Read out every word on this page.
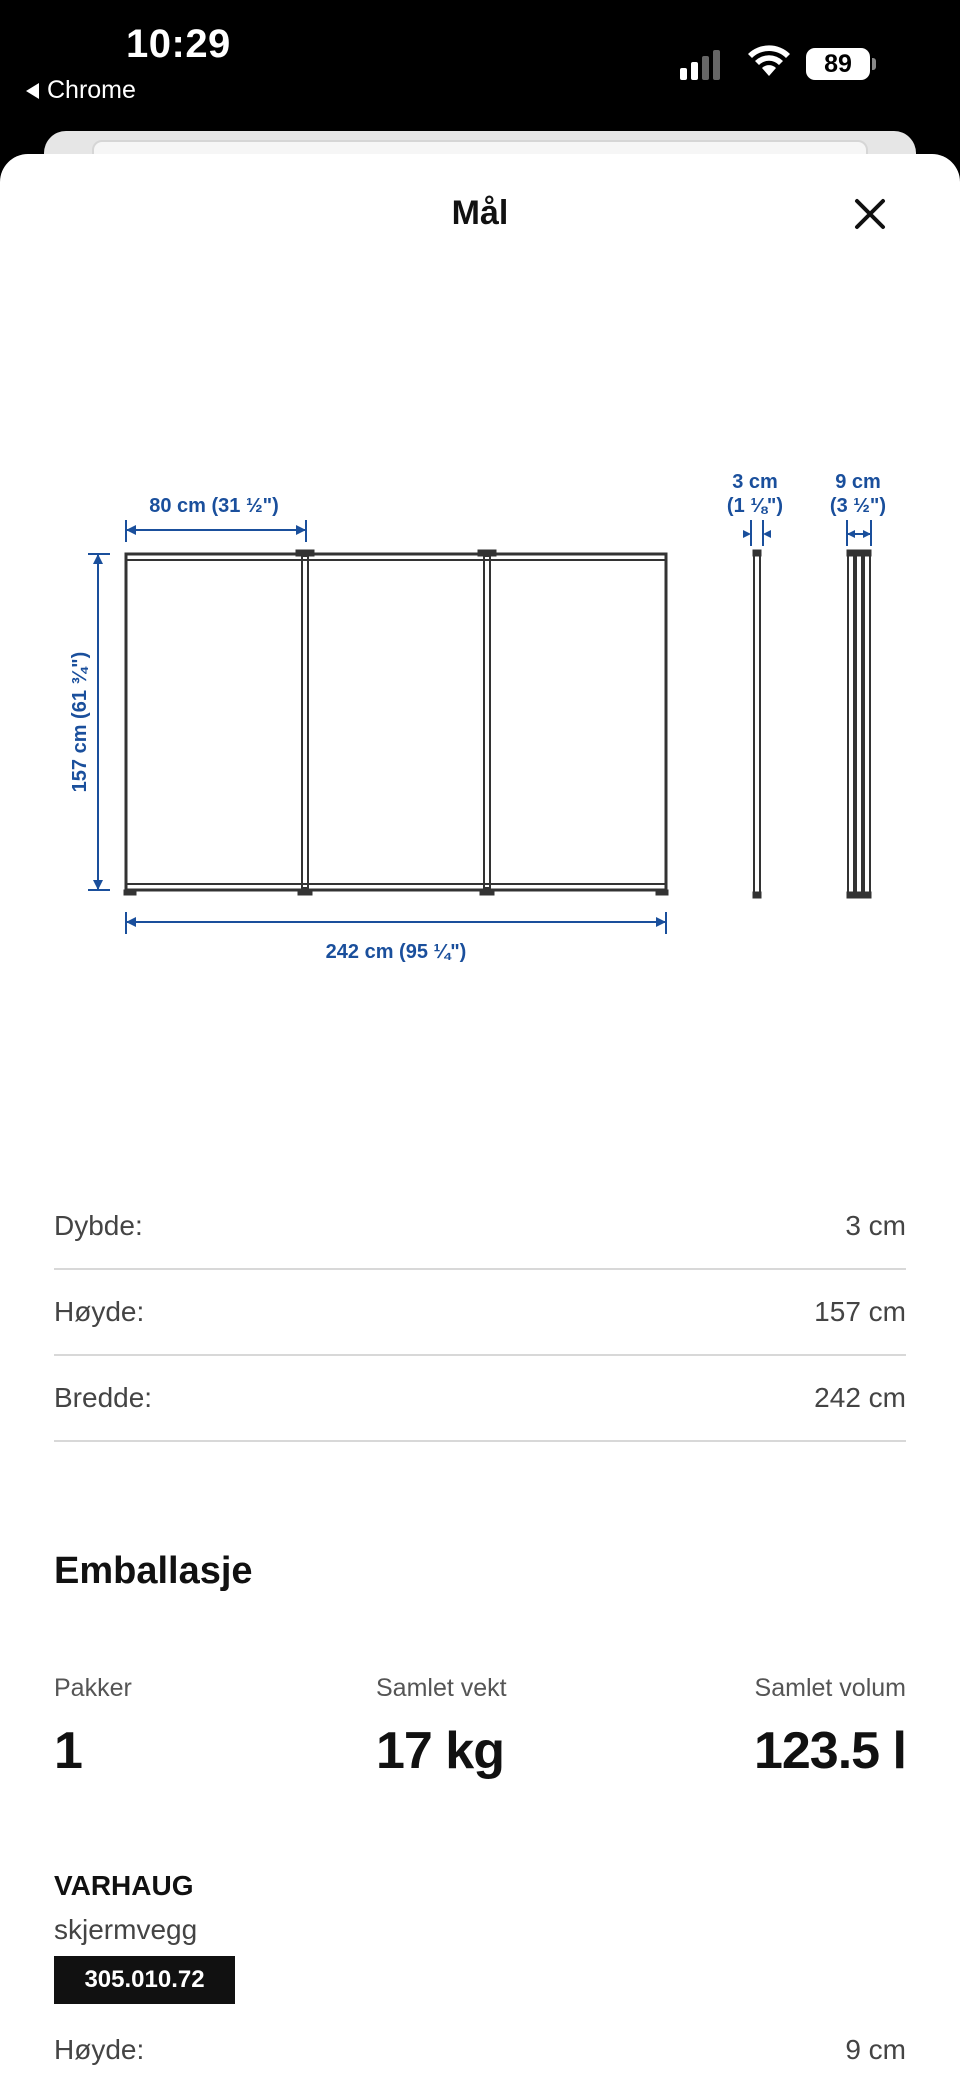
10:29
Chrome
89
Mål
80 cm (31 ½")
157 cm (61 ¾")
242 cm (95 ¼")
3 cm
(1 ⅛")
9 cm
(3 ½")
Dybde:	3 cm
Høyde:	157 cm
Bredde:	242 cm
Emballasje
Pakker
1
Samlet vekt
17 kg
Samlet volum
123.5 l
VARHAUG
skjermvegg
305.010.72
Høyde:	9 cm
